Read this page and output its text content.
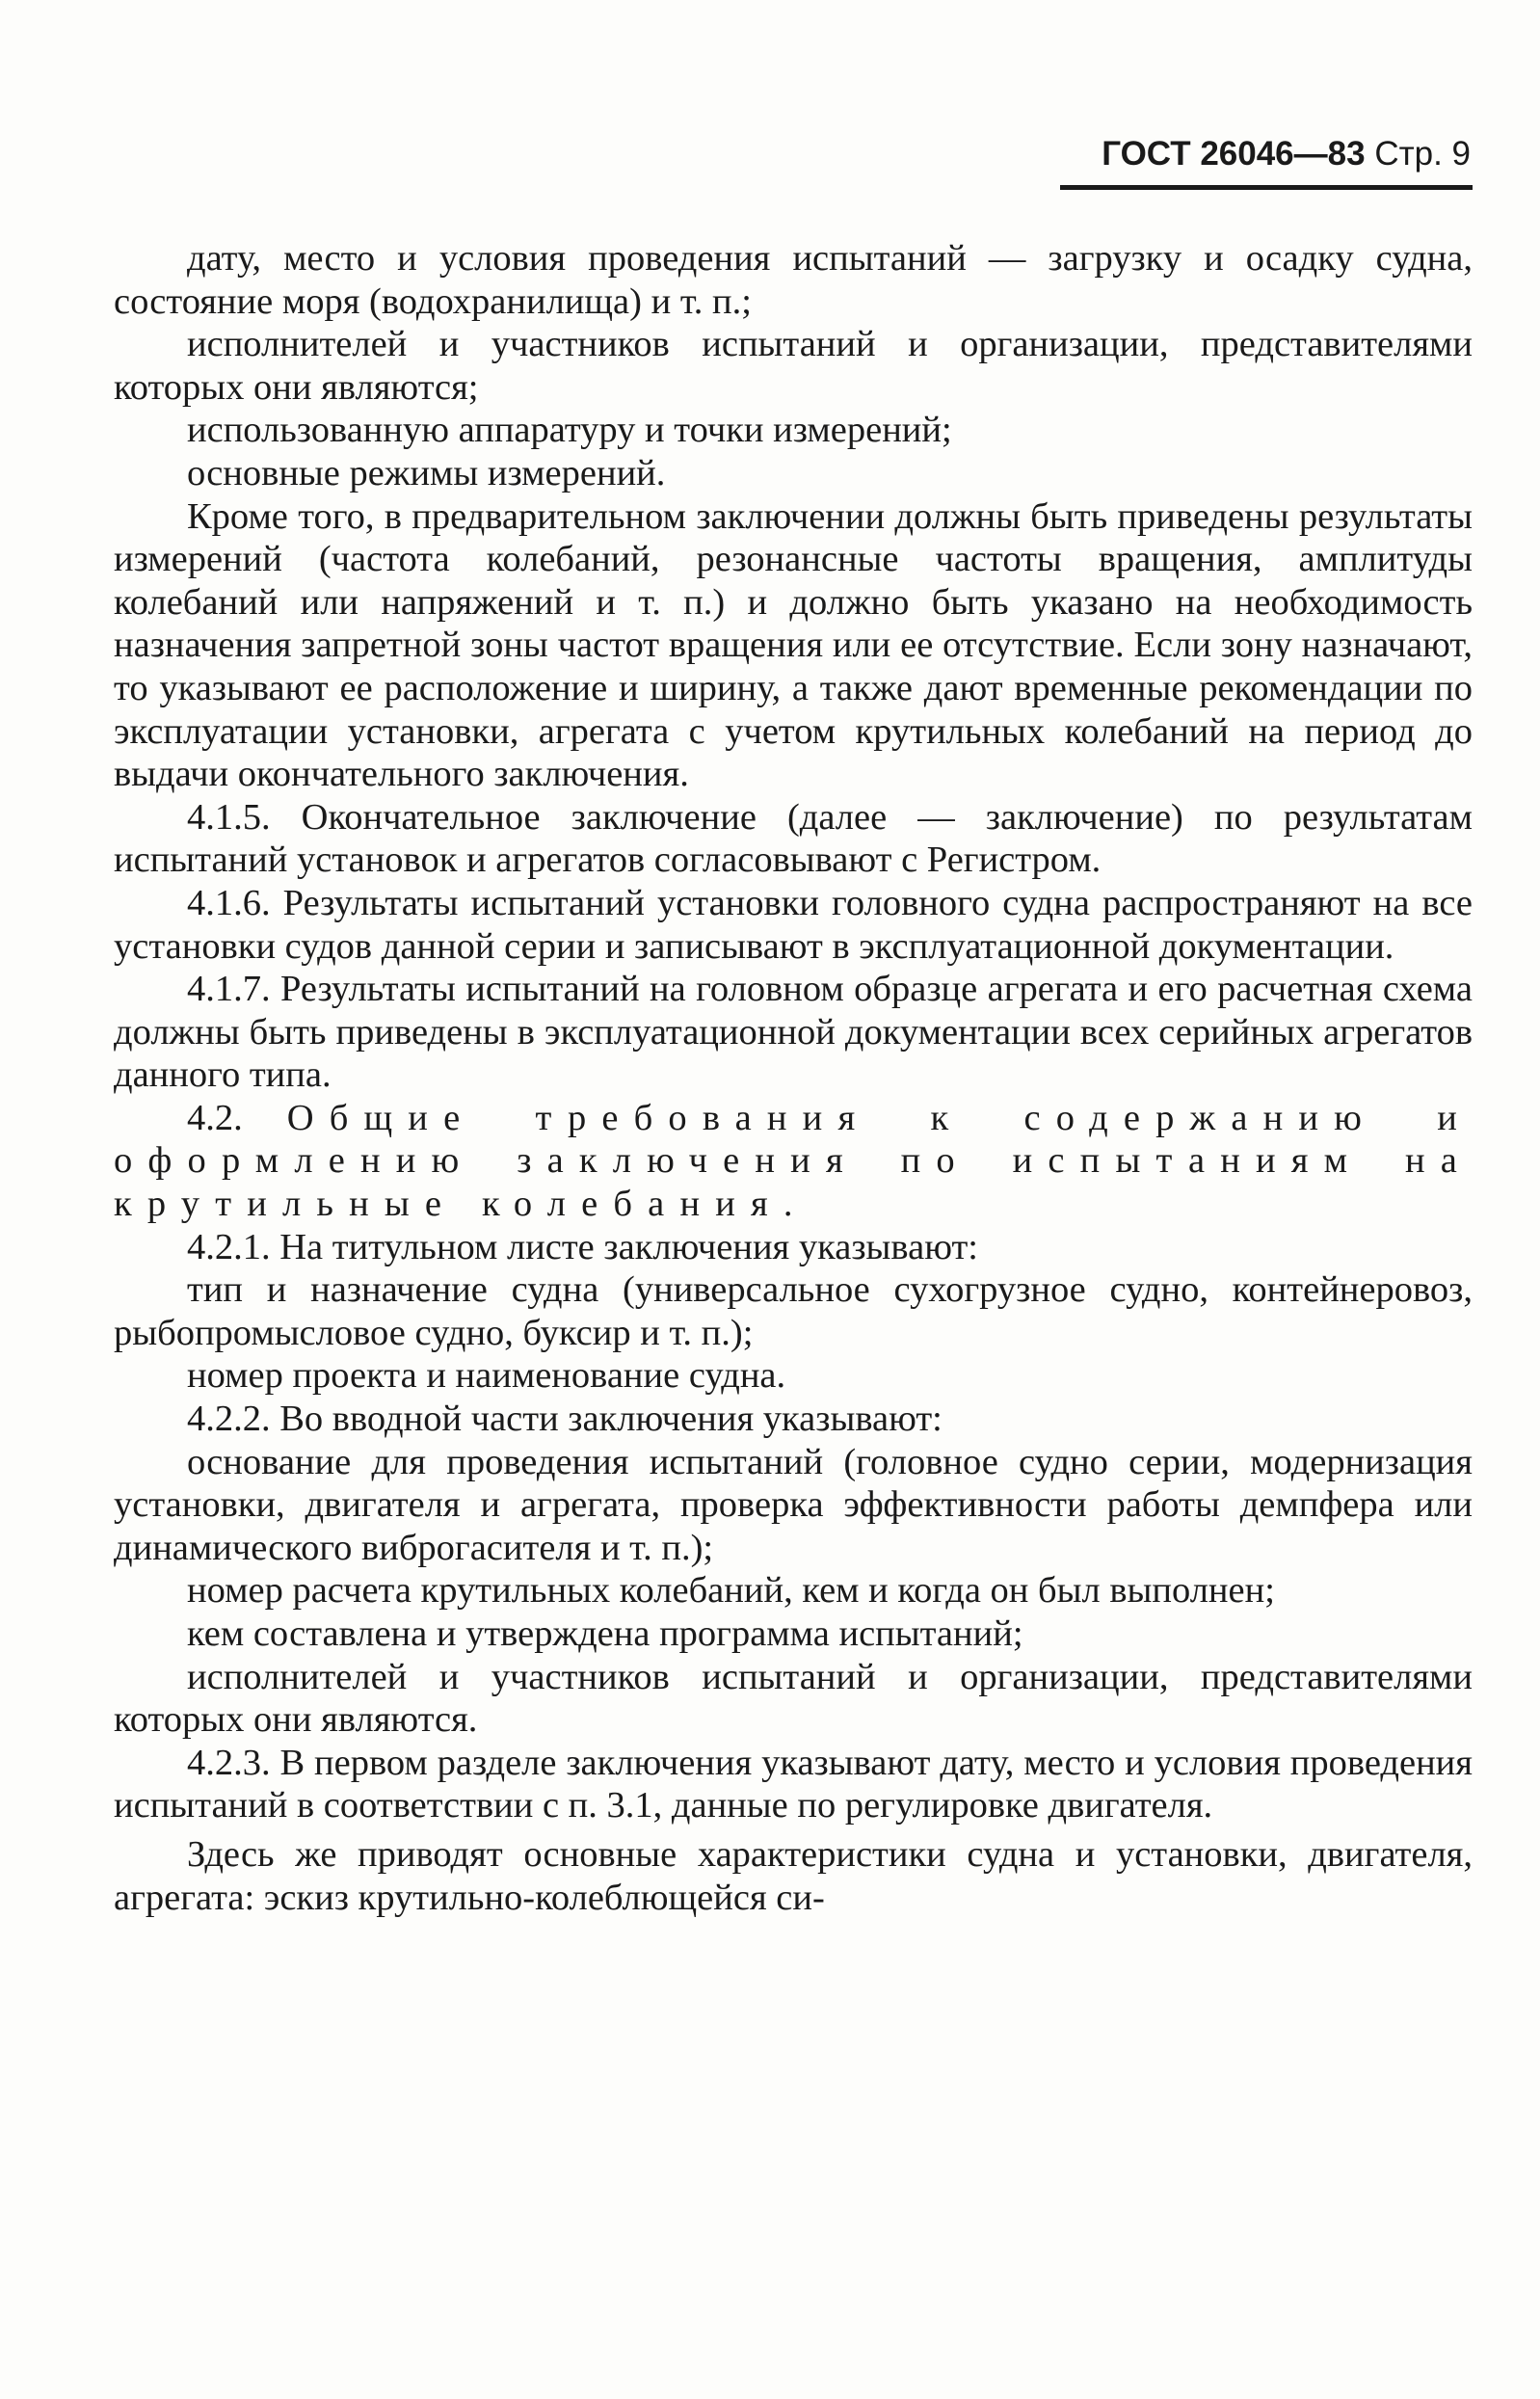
ГОСТ 26046—83 Стр. 9

дату, место и условия проведения испытаний — загрузку и осадку судна, состояние моря (водохранилища) и т. п.;

исполнителей и участников испытаний и организации, представителями которых они являются;

использованную аппаратуру и точки измерений;

основные режимы измерений.

Кроме того, в предварительном заключении должны быть приведены результаты измерений (частота колебаний, резонансные частоты вращения, амплитуды колебаний или напряжений и т. п.) и должно быть указано на необходимость назначения запретной зоны частот вращения или ее отсутствие. Если зону назначают, то указывают ее расположение и ширину, а также дают временные рекомендации по эксплуатации установки, агрегата с учетом крутильных колебаний на период до выдачи окончательного заключения.

4.1.5. Окончательное заключение (далее — заключение) по результатам испытаний установок и агрегатов согласовывают с Регистром.

4.1.6. Результаты испытаний установки головного судна распространяют на все установки судов данной серии и записывают в эксплуатационной документации.

4.1.7. Результаты испытаний на головном образце агрегата и его расчетная схема должны быть приведены в эксплуатационной документации всех серийных агрегатов данного типа.

4.2. Общие требования к содержанию и оформлению заключения по испытаниям на крутильные колебания.

4.2.1. На титульном листе заключения указывают:

тип и назначение судна (универсальное сухогрузное судно, контейнеровоз, рыбопромысловое судно, буксир и т. п.);

номер проекта и наименование судна.

4.2.2. Во вводной части заключения указывают:

основание для проведения испытаний (головное судно серии, модернизация установки, двигателя и агрегата, проверка эффективности работы демпфера или динамического виброгасителя и т. п.);

номер расчета крутильных колебаний, кем и когда он был выполнен;

кем составлена и утверждена программа испытаний;

исполнителей и участников испытаний и организации, представителями которых они являются.

4.2.3. В первом разделе заключения указывают дату, место и условия проведения испытаний в соответствии с п. 3.1, данные по регулировке двигателя.

Здесь же приводят основные характеристики судна и установки, двигателя, агрегата: эскиз крутильно-колеблющейся си-
